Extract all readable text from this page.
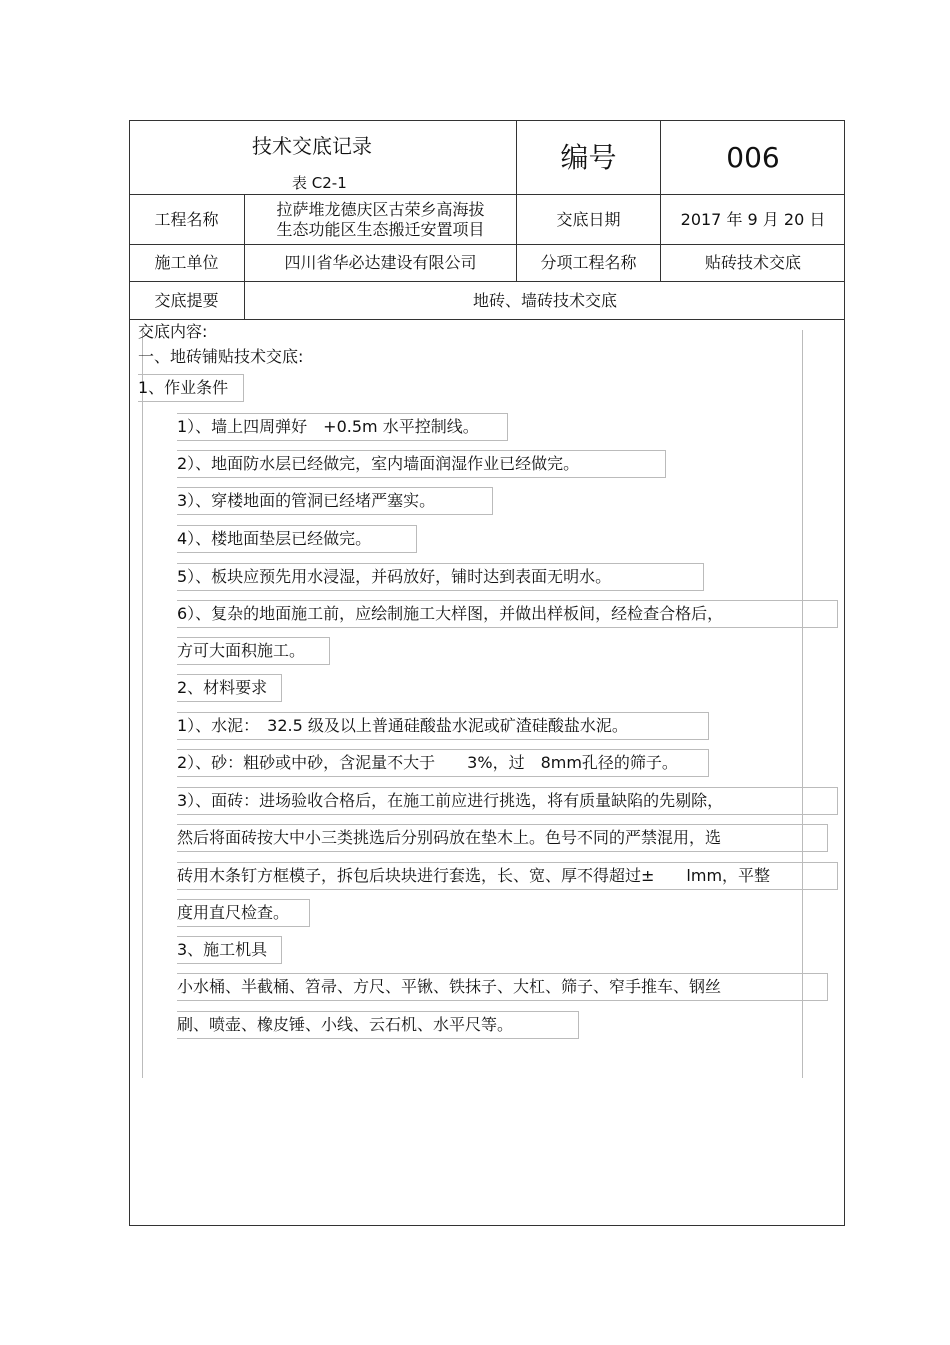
技术交底记录
表 C2-1
编号	006
工程名称
拉萨堆龙德庆区古荣乡高海拔
生态功能区生态搬迁安置项目
交底日期	2017 年 9 月 20 日
施工单位	四川省华必达建设有限公司	分项工程名称	贴砖技术交底
交底提要	地砖、墙砖技术交底
交底内容:
一、地砖铺贴技术交底:
1、作业条件
1）、墙上四周弹好　+0.5m 水平控制线。
2）、地面防水层已经做完，室内墙面润湿作业已经做完。
3）、穿楼地面的管洞已经堵严塞实。
4）、楼地面垫层已经做完。
5）、板块应预先用水浸湿，并码放好，铺时达到表面无明水。
6）、复杂的地面施工前，应绘制施工大样图，并做出样板间，经检查合格后，
方可大面积施工。
2、材料要求
1）、水泥：　32.5 级及以上普通硅酸盐水泥或矿渣硅酸盐水泥。
2）、砂：粗砂或中砂，含泥量不大于　　3%，过　8mm孔径的筛子。
3）、面砖：进场验收合格后，在施工前应进行挑选，将有质量缺陷的先剔除，
然后将面砖按大中小三类挑选后分别码放在垫木上。色号不同的严禁混用，选
砖用木条钉方框模子，拆包后块块进行套选，长、宽、厚不得超过±　　lmm，平整
度用直尺检查。
3、施工机具
小水桶、半截桶、笤帚、方尺、平锹、铁抹子、大杠、筛子、窄手推车、钢丝
刷、喷壶、橡皮锤、小线、云石机、水平尺等。
